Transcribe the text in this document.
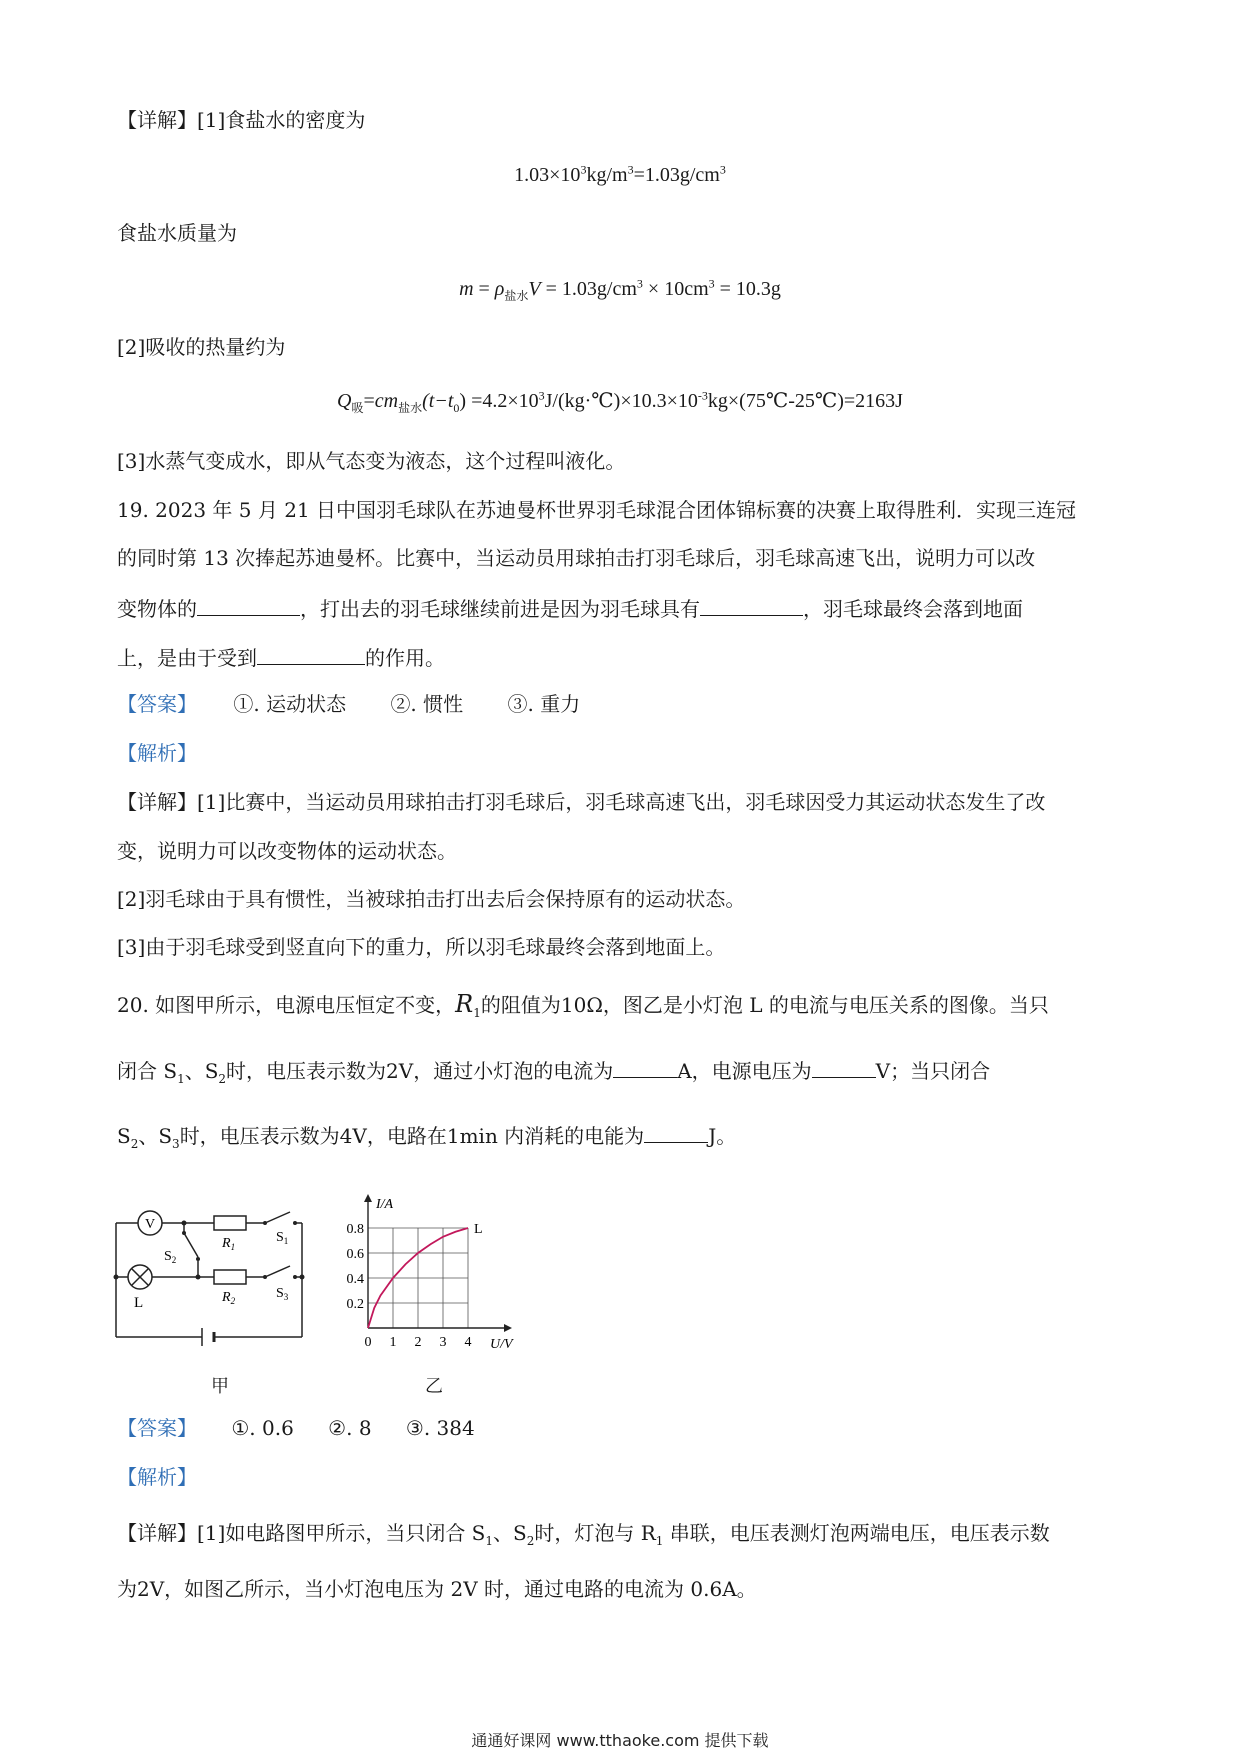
【详解】[1]食盐水的密度为
$1.03\times 10^3kg/m^3=1.03g/cm^3$
食盐水质量为
$m = \rho_{盐水}V = 1.03g/cm^3 \times 10cm^3 = 10.3g$
[2]吸收的热量约为
$Q_吸=cm_{盐水}(t-t_0)$ $=4.2\times 10^3J/(kg\cdot℃)\times 10.3\times 10^{-3}kg\times(75℃-25℃)=2163J$
[3]水蒸气变成水，即从气态变为液态，这个过程叫液化。
19. 2023 年 5 月 21 日中国羽毛球队在苏迪曼杯世界羽毛球混合团体锦标赛的决赛上取得胜利．实现三连冠
的同时第 13 次捧起苏迪曼杯。比赛中，当运动员用球拍击打羽毛球后，羽毛球高速飞出，说明力可以改
变物体的	，打出去的羽毛球继续前进是因为羽毛球具有	，羽毛球最终会落到地面
上，是由于受到	的作用。
【答案】 ①. 运动状态 ②. 惯性 ③. 重力
【解析】
【详解】[1]比赛中，当运动员用球拍击打羽毛球后，羽毛球高速飞出，羽毛球因受力其运动状态发生了改
变，说明力可以改变物体的运动状态。
[2]羽毛球由于具有惯性，当被球拍击打出去后会保持原有的运动状态。
[3]由于羽毛球受到竖直向下的重力，所以羽毛球最终会落到地面上。
20. 如图甲所示，电源电压恒定不变，$R_1$的阻值为10Ω，图乙是小灯泡 L 的电流与电压关系的图像。当只
闭合 $S_1$、$S_2$时，电压表示数为2V，通过小灯泡的电流为	A，电源电压为	V；当只闭合
$S_2$、$S_3$时，电压表示数为4V，电路在1min 内消耗的电能为	J。
V
L
$R_1$
$R_2$
$S_1$
$S_2$
$S_3$
甲
0 1 2 3 4
0.2
0.4
0.6
0.8
U/V
I/A
L
乙
【答案】 ①. 0.6 ②. 8 ③. 384
【解析】
【详解】[1]如电路图甲所示，当只闭合 $S_1$、$S_2$时，灯泡与 $R_1$ 串联，电压表测灯泡两端电压，电压表示数
为2V，如图乙所示，当小灯泡电压为 2V 时，通过电路的电流为 0.6A。
通通好课网 www.tthaoke.com 提供下载
